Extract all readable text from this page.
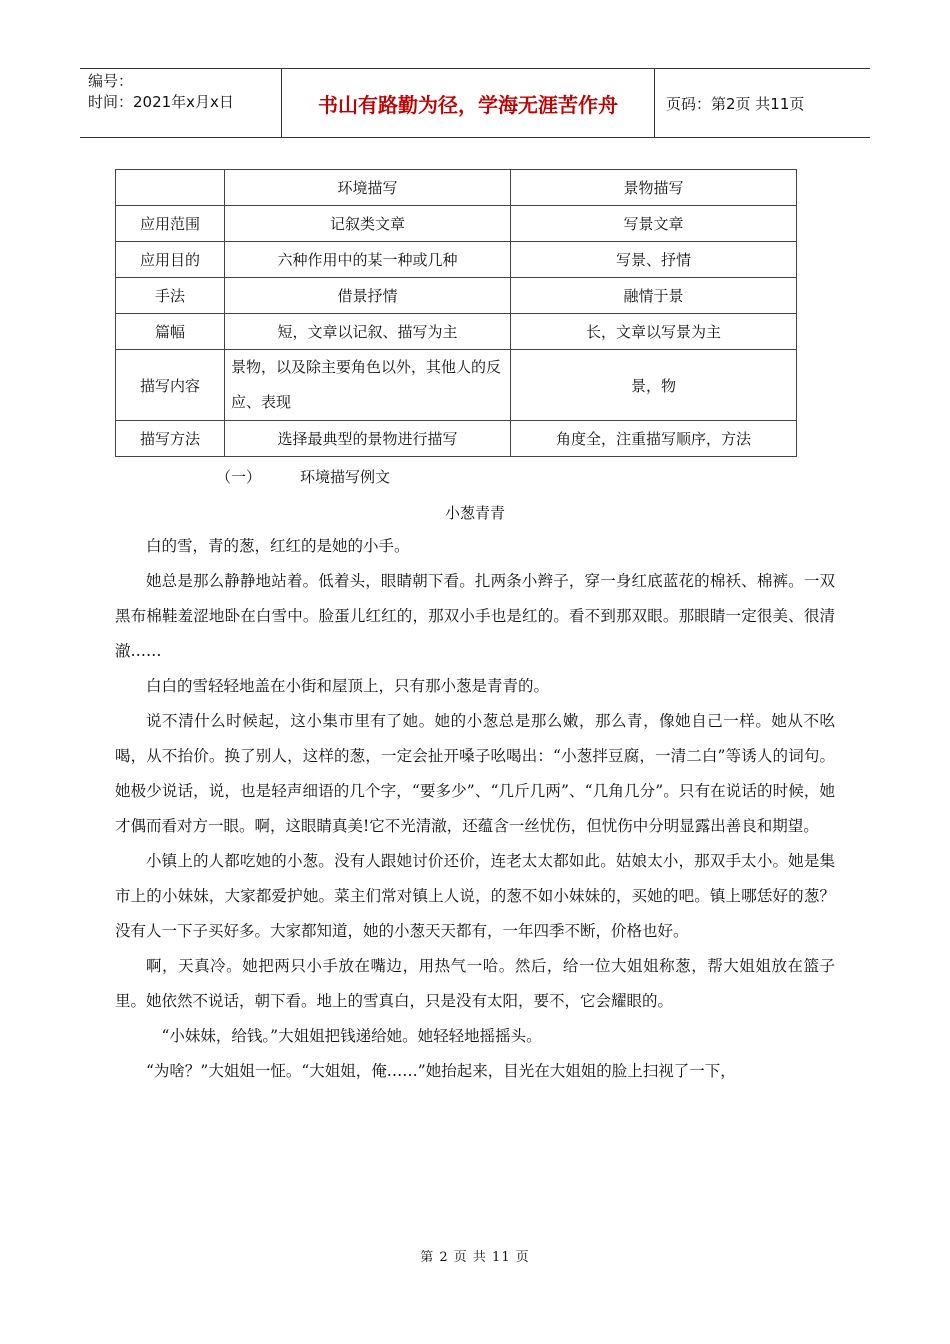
编号：
时间：2021年x月x日	书山有路勤为径，学海无涯苦作舟	页码：第2页 共11页
	环境描写	景物描写
应用范围	记叙类文章	写景文章
应用目的	六种作用中的某一种或几种	写景、抒情
手法	借景抒情	融情于景
篇幅	短，文章以记叙、描写为主	长，文章以写景为主
描写内容	景物，以及除主要角色以外，其他人的反应、表现	景，物
描写方法	选择最典型的景物进行描写	角度全，注重描写顺序，方法
（一）	环境描写例文
小葱青青

白的雪，青的葱，红红的是她的小手。

她总是那么静静地站着。低着头，眼睛朝下看。扎两条小辫子，穿一身红底蓝花的棉袄、棉裤。一双黑布棉鞋羞涩地卧在白雪中。脸蛋儿红红的，那双小手也是红的。看不到那双眼。那眼睛一定很美、很清澈……

白白的雪轻轻地盖在小街和屋顶上，只有那小葱是青青的。

说不清什么时候起，这小集市里有了她。她的小葱总是那么嫩，那么青，像她自己一样。她从不吆喝，从不抬价。换了别人，这样的葱，一定会扯开嗓子吆喝出：“小葱拌豆腐，一清二白”等诱人的词句。她极少说话，说，也是轻声细语的几个字，“要多少”、“几斤几两”、“几角几分”。只有在说话的时候，她才偶而看对方一眼。啊，这眼睛真美!它不光清澈，还蕴含一丝忧伤，但忧伤中分明显露出善良和期望。

小镇上的人都吃她的小葱。没有人跟她讨价还价，连老太太都如此。姑娘太小，那双手太小。她是集市上的小妹妹，大家都爱护她。菜主们常对镇上人说，的葱不如小妹妹的，买她的吧。镇上哪恁好的葱？没有人一下子买好多。大家都知道，她的小葱天天都有，一年四季不断，价格也好。

啊，天真冷。她把两只小手放在嘴边，用热气一哈。然后，给一位大姐姐称葱，帮大姐姐放在篮子里。她依然不说话，朝下看。地上的雪真白，只是没有太阳，要不，它会耀眼的。

“小妹妹，给钱。”大姐姐把钱递给她。她轻轻地摇摇头。

“为啥？”大姐姐一怔。“大姐姐，俺……”她抬起来，目光在大姐姐的脸上扫视了一下，

第 2 页 共 11 页
